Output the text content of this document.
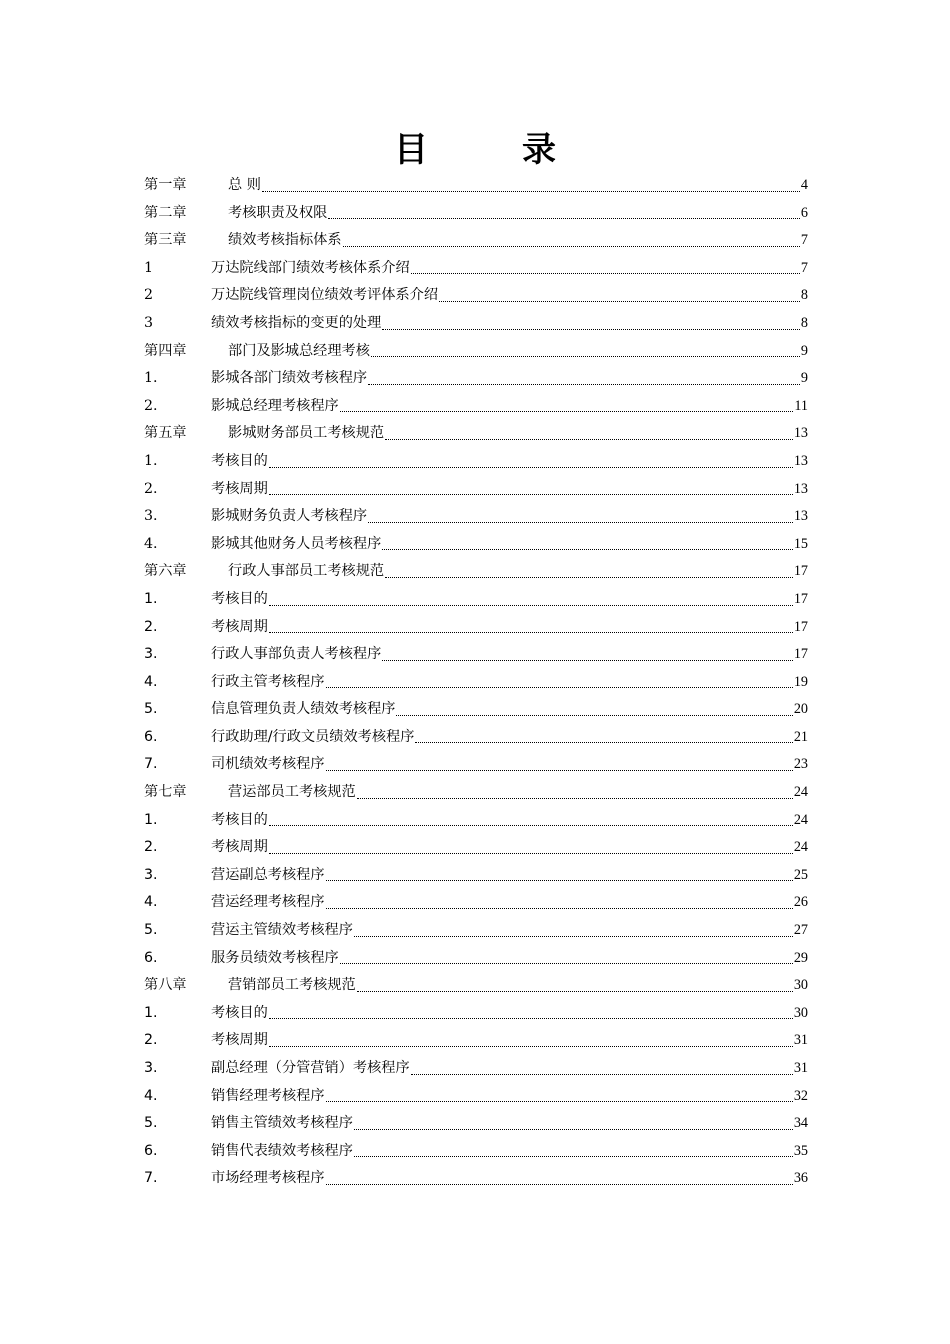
目　录
第一章	总 则	4
第二章	考核职责及权限	6
第三章	绩效考核指标体系	7
1	万达院线部门绩效考核体系介绍	7
2	万达院线管理岗位绩效考评体系介绍	8
3	绩效考核指标的变更的处理	8
第四章	部门及影城总经理考核	9
1.	影城各部门绩效考核程序	9
2.	影城总经理考核程序	11
第五章	影城财务部员工考核规范	13
1.	考核目的	13
2.	考核周期	13
3.	影城财务负责人考核程序	13
4.	影城其他财务人员考核程序	15
第六章	行政人事部员工考核规范	17
1.	考核目的	17
2.	考核周期	17
3.	行政人事部负责人考核程序	17
4.	行政主管考核程序	19
5.	信息管理负责人绩效考核程序	20
6.	行政助理/行政文员绩效考核程序	21
7.	司机绩效考核程序	23
第七章	营运部员工考核规范	24
1.	考核目的	24
2.	考核周期	24
3.	营运副总考核程序	25
4.	营运经理考核程序	26
5.	营运主管绩效考核程序	27
6.	服务员绩效考核程序	29
第八章	营销部员工考核规范	30
1.	考核目的	30
2.	考核周期	31
3.	副总经理（分管营销）考核程序	31
4.	销售经理考核程序	32
5.	销售主管绩效考核程序	34
6.	销售代表绩效考核程序	35
7.	市场经理考核程序	36
